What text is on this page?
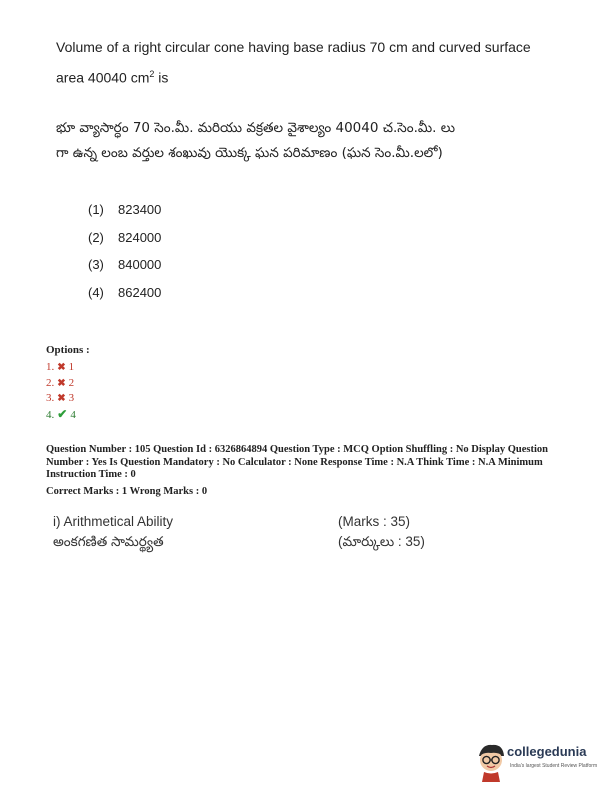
Volume of a right circular cone having base radius 70 cm and curved surface
area 40040 $cm^2$ is
భూ వ్యాసార్ధం 70 సెం.మీ. మరియు వక్రతల వైశాల్యం 40040 చ.సెం.మీ. లు
గా ఉన్న లంబ వర్తుల శంఖువు యొక్క ఘన పరిమాణం (ఘన సెం.మీ.లలో)
(1) 823400
(2) 824000
(3) 840000
(4) 862400
Options :
1. ✖ 1
2. ✖ 2
3. ✖ 3
4. ✔ 4
Question Number : 105 Question Id : 6326864894 Question Type : MCQ Option Shuffling : No Display Question Number : Yes Is Question Mandatory : No Calculator : None Response Time : N.A Think Time : N.A Minimum Instruction Time : 0
Correct Marks : 1 Wrong Marks : 0
i) Arithmetical Ability	(Marks : 35)
అంకగణిత సామర్థ్యత	(మార్కులు : 35)
collegedunia
India's largest Student Review Platform
